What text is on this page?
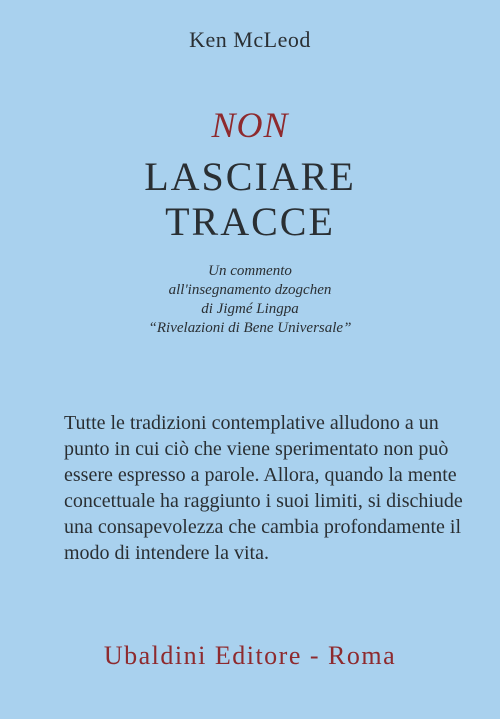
Ken McLeod
NON
LASCIARE
TRACCE
Un commento
all'insegnamento dzogchen
di Jigmé Lingpa
“Rivelazioni di Bene Universale”
Tutte le tradizioni contemplative alludono a un
punto in cui ciò che viene sperimentato non può
essere espresso a parole. Allora, quando la mente
concettuale ha raggiunto i suoi limiti, si dischiude
una consapevolezza che cambia profondamente il
modo di intendere la vita.
Ubaldini Editore - Roma
